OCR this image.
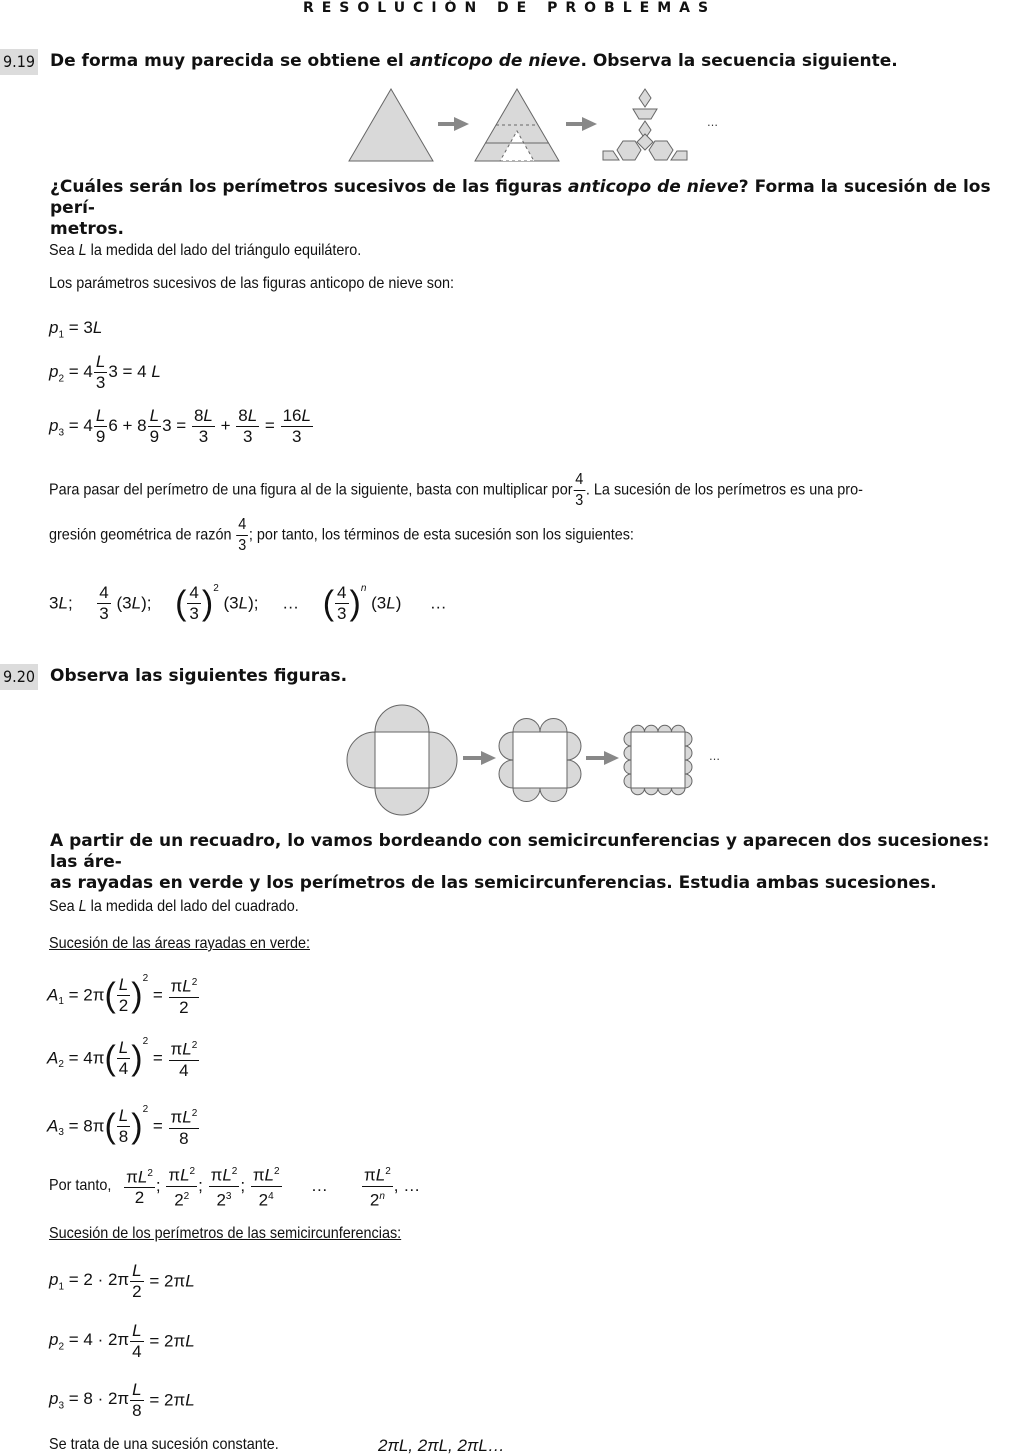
RESOLUCIÓN DE PROBLEMAS
9.19 De forma muy parecida se obtiene el anticopo de nieve. Observa la secuencia siguiente.
…
¿Cuáles serán los perímetros sucesivos de las figuras anticopo de nieve? Forma la sucesión de los perí-
metros.
Sea L la medida del lado del triángulo equilátero.
Los parámetros sucesivos de las figuras anticopo de nieve son:
$p_1 = 3L$
$p_2 = 4 \frac{L}{3} 3 = 4$ L
$p_3 = 4 \frac{L}{9} 6 + 8 \frac{L}{9} 3 = \frac{8L}{3} + \frac{8L}{3} = \frac{16L}{3}$
Para pasar del perímetro de una figura al de la siguiente, basta con multiplicar por $\frac{4}{3}$ . La sucesión de los perímetros es una pro-
gresión geométrica de razón $\frac{4}{3}$ ; por tanto, los términos de esta sucesión son los siguientes:
3L; $\frac{4}{3} (3L)$; ( $\frac{4}{3} )^2$ (3L);     …     ( $\frac{4}{3} )^n$ (3L)      …
9.20 Observa las siguientes figuras.
…
A partir de un recuadro, lo vamos bordeando con semicircunferencias y aparecen dos sucesiones: las áre-
as rayadas en verde y los perímetros de las semicircunferencias. Estudia ambas sucesiones.
Sea L la medida del lado del cuadrado.
Sucesión de las áreas rayadas en verde:
$A_1 = 2\pi( \frac{L}{2} )^2 = \frac{\pi L^2}{2}$
$A_2 = 4\pi( \frac{L}{4} )^2 = \frac{\pi L^2}{4}$
$A_3 = 8\pi( \frac{L}{8} )^2 = \frac{\pi L^2}{8}$
Por tanto, $\frac{\pi L^2}{2}$ ; $\frac{\pi L^2}{2^2}$ ; $\frac{\pi L^2}{2^3}$ ; $\frac{\pi L^2}{2^4}$ … $\frac{\pi L^2}{2^n}$ , …
Sucesión de los perímetros de las semicircunferencias:
$p_1 = 2 \cdot 2\pi \frac{L}{2} = 2\pi L$
$p_2 = 4 \cdot 2\pi \frac{L}{4} = 2\pi L$
$p_3 = 8 \cdot 2\pi \frac{L}{8} = 2\pi L$
Se trata de una sucesión constante.	2πL, 2πL, 2πL…
